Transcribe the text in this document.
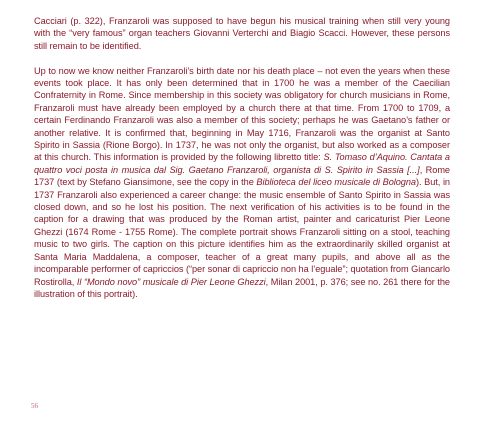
Cacciari (p. 322), Franzaroli was supposed to have begun his musical training when still very young with the “very famous” organ teachers Giovanni Verterchi and Biagio Scacci. However, these persons still remain to be identified.

Up to now we know neither Franzaroli’s birth date nor his death place – not even the years when these events took place. It has only been determined that in 1700 he was a member of the Caecilian Confraternity in Rome. Since membership in this society was obligatory for church musicians in Rome, Franzaroli must have already been employed by a church there at that time. From 1700 to 1709, a certain Ferdinando Franzaroli was also a member of this society; perhaps he was Gaetano’s father or another relative. It is confirmed that, beginning in May 1716, Franzaroli was the organist at Santo Spirito in Sassia (Rione Borgo). In 1737, he was not only the organist, but also worked as a composer at this church. This information is provided by the following libretto title: S. Tomaso d’Aquino. Cantata a quattro voci posta in musica dal Sig. Gaetano Franzaroli, organista di S. Spirito in Sassia [...], Rome 1737 (text by Stefano Giansimone, see the copy in the Biblioteca del liceo musicale di Bologna). But, in 1737 Franzaroli also experienced a career change: the music ensemble of Santo Spirito in Sassia was closed down, and so he lost his position. The next verification of his activities is to be found in the caption for a drawing that was produced by the Roman artist, painter and caricaturist Pier Leone Ghezzi (1674 Rome - 1755 Rome). The complete portrait shows Franzaroli sitting on a stool, teaching music to two girls. The caption on this picture identifies him as the extraordinarily skilled organist at Santa Maria Maddalena, a composer, teacher of a great many pupils, and above all as the incomparable performer of capriccios (“per sonar di capriccio non ha l’eguale”; quotation from Giancarlo Rostirolla, Il “Mondo novo” musicale di Pier Leone Ghezzi, Milan 2001, p. 376; see no. 261 there for the illustration of this portrait).

56
